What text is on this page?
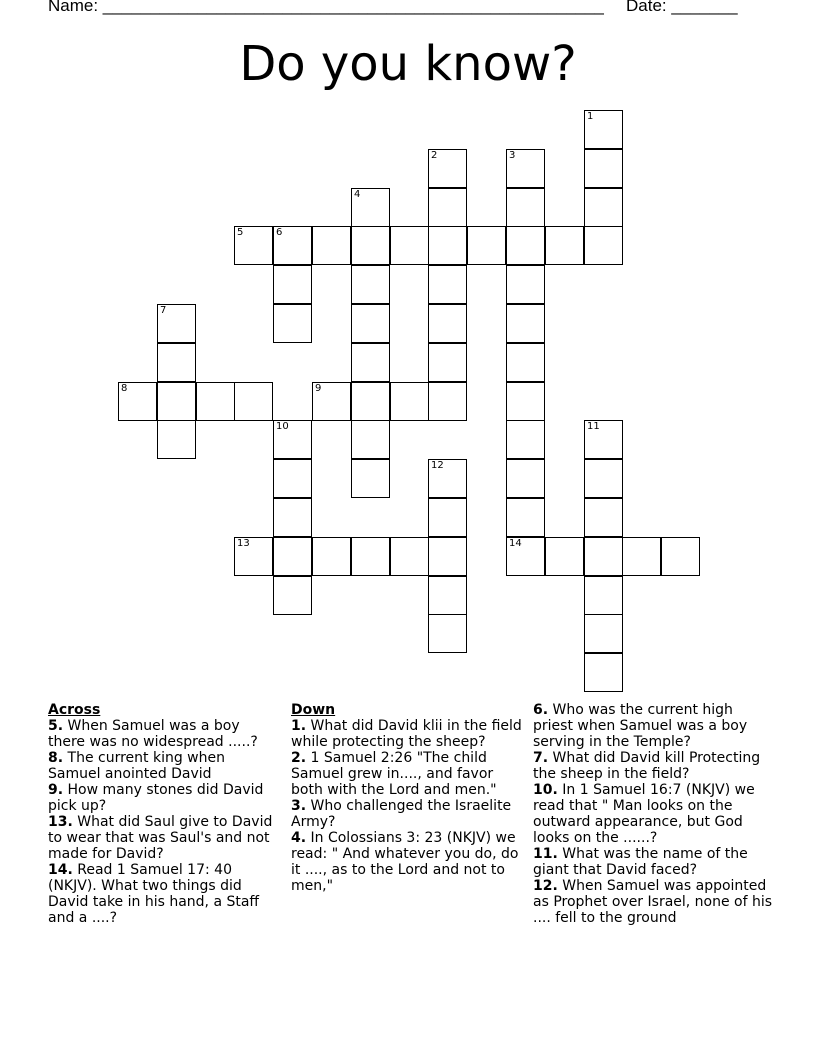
Name: _____________________________________________________ Date: _______
Do you know?
5	6
8	9
13	14
1
2	3
4
7
10	11
12
Across
5. When Samuel was a boy there was no widespread .....?
8. The current king when Samuel anointed David
9. How many stones did David pick up?
13. What did Saul give to David to wear that was Saul's and not made for David?
14. Read 1 Samuel 17: 40 (NKJV). What two things did David take in his hand, a Staff and a ....?
Down
1. What did David klii in the field while protecting the sheep?
2. 1 Samuel 2:26 "The child Samuel grew in...., and favor both with the Lord and men."
3. Who challenged the Israelite Army?
4. In Colossians 3: 23 (NKJV) we read: " And whatever you do, do it ...., as to the Lord and not to men,"
6. Who was the current high priest when Samuel was a boy serving in the Temple?
7. What did David kill Protecting the sheep in the field?
10. In 1 Samuel 16:7 (NKJV) we read that " Man looks on the outward appearance, but God looks on the ......?
11. What was the name of the giant that David faced?
12. When Samuel was appointed as Prophet over Israel, none of his .... fell to the ground
